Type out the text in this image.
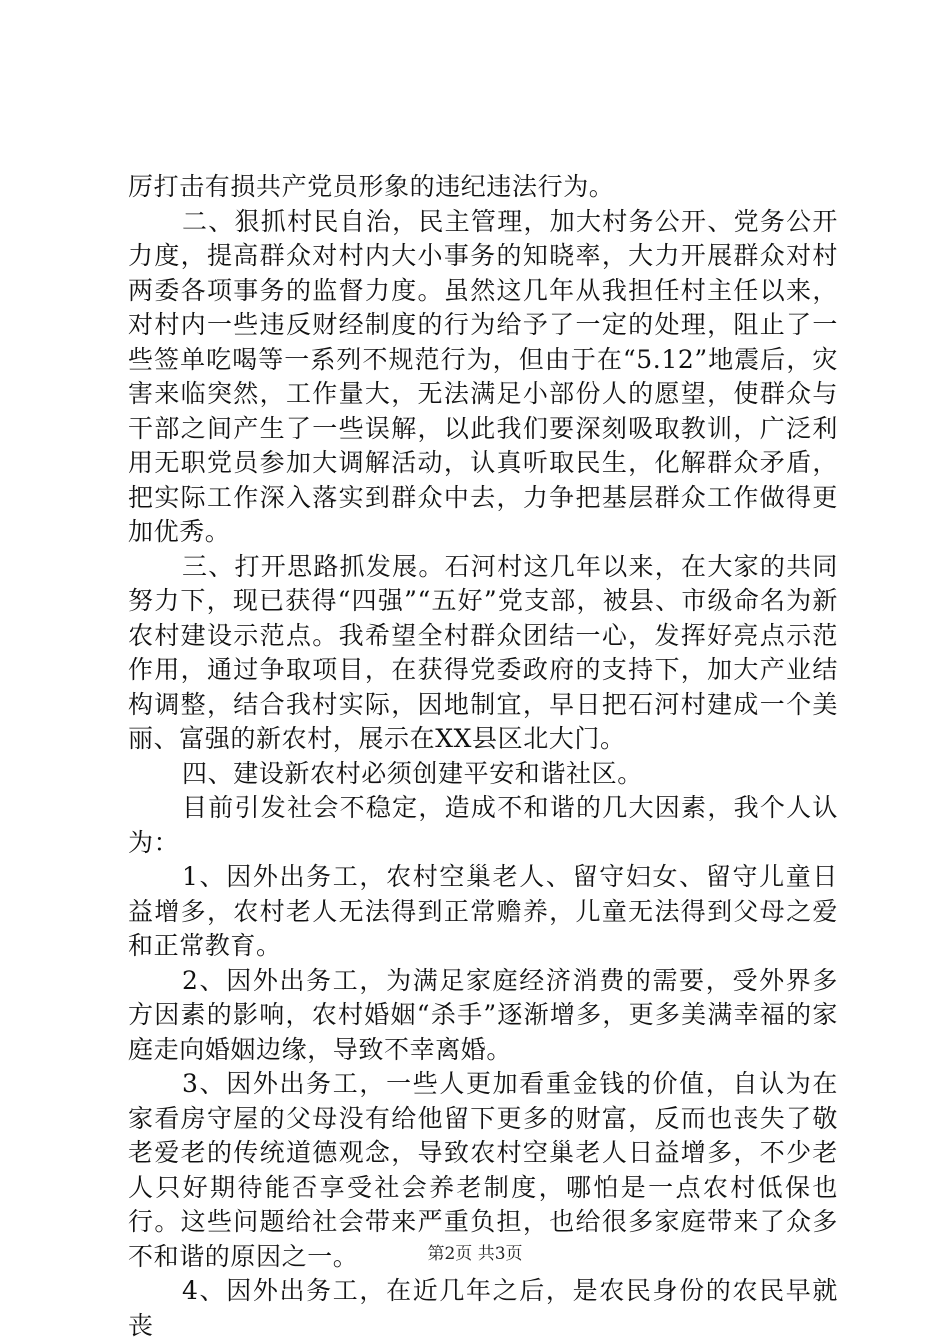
厉打击有损共产党员形象的违纪违法行为。

二、狠抓村民自治，民主管理，加大村务公开、党务公开力度，提高群众对村内大小事务的知晓率，大力开展群众对村两委各项事务的监督力度。虽然这几年从我担任村主任以来，对村内一些违反财经制度的行为给予了一定的处理，阻止了一些签单吃喝等一系列不规范行为，但由于在“5.12”地震后，灾害来临突然，工作量大，无法满足小部份人的愿望，使群众与干部之间产生了一些误解，以此我们要深刻吸取教训，广泛利用无职党员参加大调解活动，认真听取民生，化解群众矛盾，把实际工作深入落实到群众中去，力争把基层群众工作做得更加优秀。

三、打开思路抓发展。石河村这几年以来，在大家的共同努力下，现已获得“四强”“五好”党支部，被县、市级命名为新农村建设示范点。我希望全村群众团结一心，发挥好亮点示范作用，通过争取项目，在获得党委政府的支持下，加大产业结构调整，结合我村实际，因地制宜，早日把石河村建成一个美丽、富强的新农村，展示在XX县区北大门。

四、建设新农村必须创建平安和谐社区。

目前引发社会不稳定，造成不和谐的几大因素，我个人认为：

1、因外出务工，农村空巢老人、留守妇女、留守儿童日益增多，农村老人无法得到正常赡养，儿童无法得到父母之爱和正常教育。

2、因外出务工，为满足家庭经济消费的需要，受外界多方因素的影响，农村婚姻“杀手”逐渐增多，更多美满幸福的家庭走向婚姻边缘，导致不幸离婚。

3、因外出务工，一些人更加看重金钱的价值，自认为在家看房守屋的父母没有给他留下更多的财富，反而也丧失了敬老爱老的传统道德观念，导致农村空巢老人日益增多，不少老人只好期待能否享受社会养老制度，哪怕是一点农村低保也行。这些问题给社会带来严重负担，也给很多家庭带来了众多不和谐的原因之一。

4、因外出务工，在近几年之后，是农民身份的农民早就丧

第2页 共3页
